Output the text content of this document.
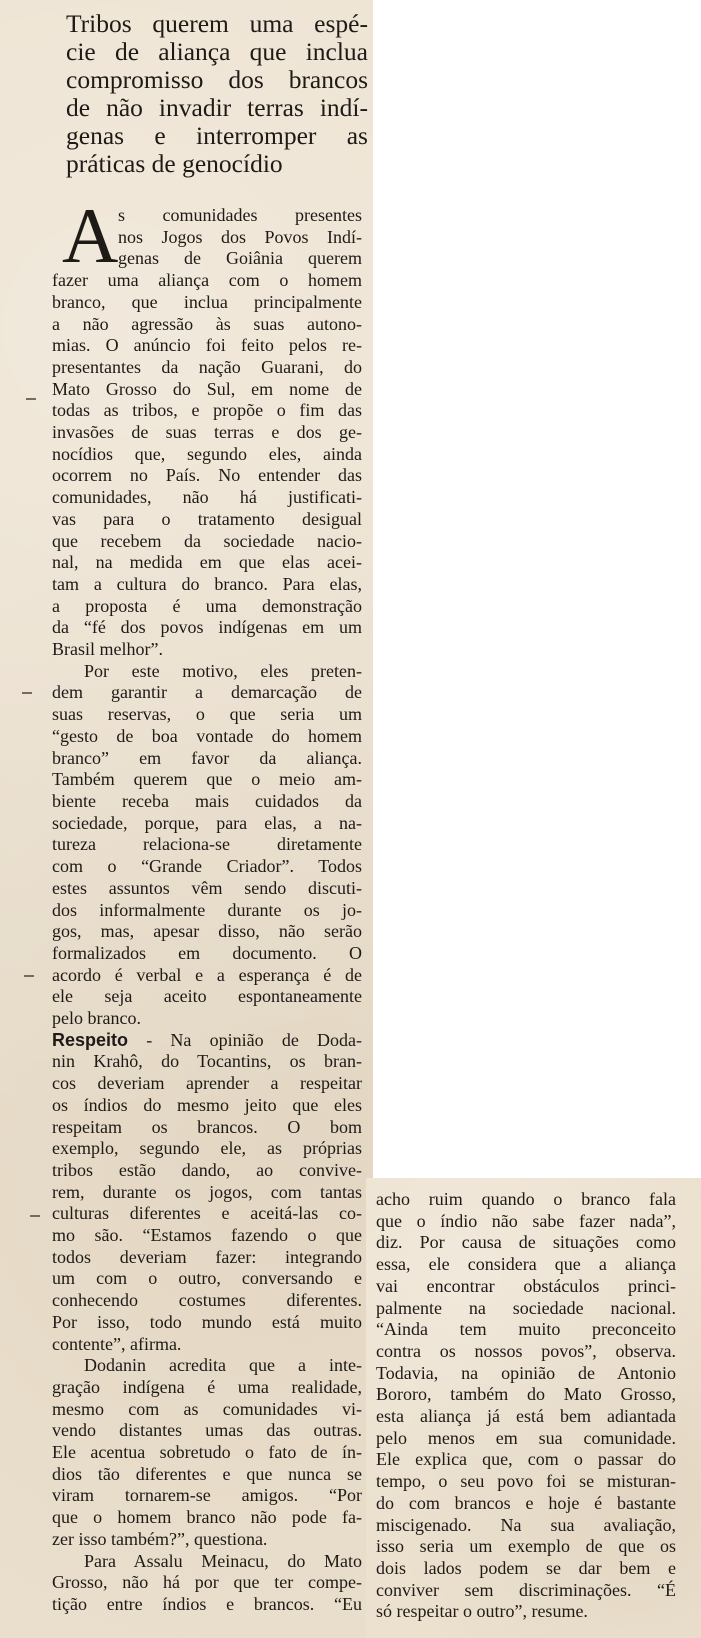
Tribos querem uma espé-
cie de aliança que inclua
compromisso dos brancos
de não invadir terras indí-
genas e interromper as
práticas de genocídio
A s comunidades presentes
nos Jogos dos Povos Indí-
genas de Goiânia querem
fazer uma aliança com o homem
branco, que inclua principalmente
a não agressão às suas autono-
mias. O anúncio foi feito pelos re-
presentantes da nação Guarani, do
Mato Grosso do Sul, em nome de
todas as tribos, e propõe o fim das
invasões de suas terras e dos ge-
nocídios que, segundo eles, ainda
ocorrem no País. No entender das
comunidades, não há justificati-
vas para o tratamento desigual
que recebem da sociedade nacio-
nal, na medida em que elas acei-
tam a cultura do branco. Para elas,
a proposta é uma demonstração
da “fé dos povos indígenas em um
Brasil melhor”.
Por este motivo, eles preten-
dem garantir a demarcação de
suas reservas, o que seria um
“gesto de boa vontade do homem
branco” em favor da aliança.
Também querem que o meio am-
biente receba mais cuidados da
sociedade, porque, para elas, a na-
tureza relaciona-se diretamente
com o “Grande Criador”. Todos
estes assuntos vêm sendo discuti-
dos informalmente durante os jo-
gos, mas, apesar disso, não serão
formalizados em documento. O
acordo é verbal e a esperança é de
ele seja aceito espontaneamente
pelo branco.
Respeito - Na opinião de Doda-
nin Krahô, do Tocantins, os bran-
cos deveriam aprender a respeitar
os índios do mesmo jeito que eles
respeitam os brancos. O bom
exemplo, segundo ele, as próprias
tribos estão dando, ao convive-
rem, durante os jogos, com tantas
culturas diferentes e aceitá-las co-
mo são. “Estamos fazendo o que
todos deveriam fazer: integrando
um com o outro, conversando e
conhecendo costumes diferentes.
Por isso, todo mundo está muito
contente”, afirma.
Dodanin acredita que a inte-
gração indígena é uma realidade,
mesmo com as comunidades vi-
vendo distantes umas das outras.
Ele acentua sobretudo o fato de ín-
dios tão diferentes e que nunca se
viram tornarem-se amigos. “Por
que o homem branco não pode fa-
zer isso também?”, questiona.
Para Assalu Meinacu, do Mato
Grosso, não há por que ter compe-
tição entre índios e brancos. “Eu
acho ruim quando o branco fala
que o índio não sabe fazer nada”,
diz. Por causa de situações como
essa, ele considera que a aliança
vai encontrar obstáculos princi-
palmente na sociedade nacional.
“Ainda tem muito preconceito
contra os nossos povos”, observa.
Todavia, na opinião de Antonio
Bororo, também do Mato Grosso,
esta aliança já está bem adiantada
pelo menos em sua comunidade.
Ele explica que, com o passar do
tempo, o seu povo foi se misturan-
do com brancos e hoje é bastante
miscigenado. Na sua avaliação,
isso seria um exemplo de que os
dois lados podem se dar bem e
conviver sem discriminações. “É
só respeitar o outro”, resume.
